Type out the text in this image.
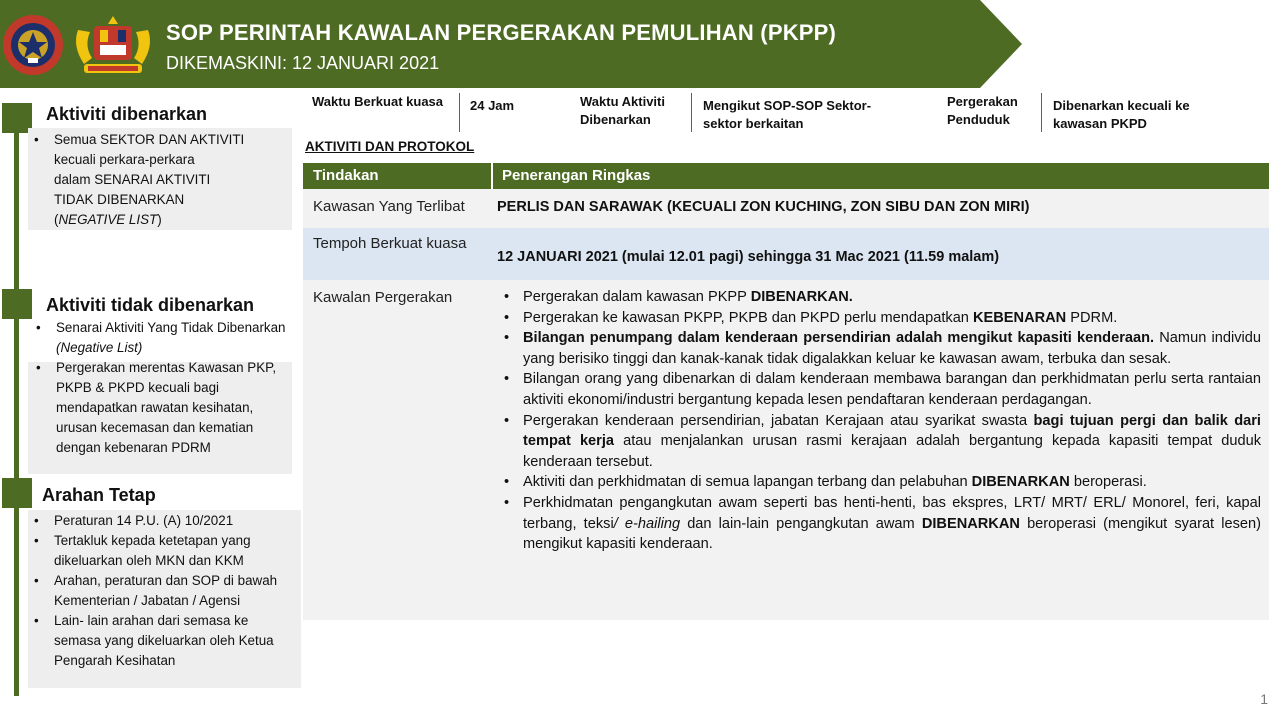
SOP PERINTAH KAWALAN PERGERAKAN PEMULIHAN (PKPP)
DIKEMASKINI: 12 JANUARI 2021
Aktiviti dibenarkan
• Semua SEKTOR DAN AKTIVITI
kecuali perkara-perkara
dalam SENARAI AKTIVITI
TIDAK DIBENARKAN
(NEGATIVE LIST)
Aktiviti tidak dibenarkan
• Senarai Aktiviti Yang Tidak Dibenarkan (Negative List)
• Pergerakan merentas Kawasan PKP, PKPB & PKPD kecuali bagi mendapatkan rawatan kesihatan, urusan kecemasan dan kematian dengan kebenaran PDRM
Arahan Tetap
• Peraturan 14 P.U. (A) 10/2021
• Tertakluk kepada ketetapan yang dikeluarkan oleh MKN dan KKM
• Arahan, peraturan dan SOP di bawah Kementerian / Jabatan / Agensi
• Lain- lain arahan dari semasa ke semasa yang dikeluarkan oleh Ketua Pengarah Kesihatan
Waktu Berkuat kuasa	24 Jam	Waktu Aktiviti Dibenarkan
Mengikut SOP-SOP Sektor-sektor berkaitan
Pergerakan Penduduk
Dibenarkan kecuali ke kawasan PKPD
AKTIVITI DAN PROTOKOL
Tindakan	Penerangan Ringkas
Kawasan Yang Terlibat PERLIS DAN SARAWAK (KECUALI ZON KUCHING, ZON SIBU DAN ZON MIRI)
Tempoh Berkuat kuasa
12 JANUARI 2021 (mulai 12.01 pagi) sehingga 31 Mac 2021 (11.59 malam)
Kawalan Pergerakan
•	Pergerakan dalam kawasan PKPP DIBENARKAN.
• Pergerakan ke kawasan PKPP, PKPB dan PKPD perlu mendapatkan KEBENARAN PDRM.
• Bilangan penumpang dalam kenderaan persendirian adalah mengikut kapasiti kenderaan. Namun individu yang berisiko tinggi dan kanak-kanak tidak digalakkan keluar ke kawasan awam, terbuka dan sesak.
• Bilangan orang yang dibenarkan di dalam kenderaan membawa barangan dan perkhidmatan perlu serta rantaian aktiviti ekonomi/industri bergantung kepada lesen pendaftaran kenderaan perdagangan.
• Pergerakan kenderaan persendirian, jabatan Kerajaan atau syarikat swasta bagi tujuan pergi dan balik dari tempat kerja atau menjalankan urusan rasmi kerajaan adalah bergantung kepada kapasiti tempat duduk kenderaan tersebut.
• Aktiviti dan perkhidmatan di semua lapangan terbang dan pelabuhan DIBENARKAN beroperasi.
• Perkhidmatan pengangkutan awam seperti bas henti-henti, bas ekspres, LRT/ MRT/ ERL/ Monorel, feri, kapal terbang, teksi/ e-hailing dan lain-lain pengangkutan awam DIBENARKAN beroperasi (mengikut syarat lesen) mengikut kapasiti kenderaan.
1
